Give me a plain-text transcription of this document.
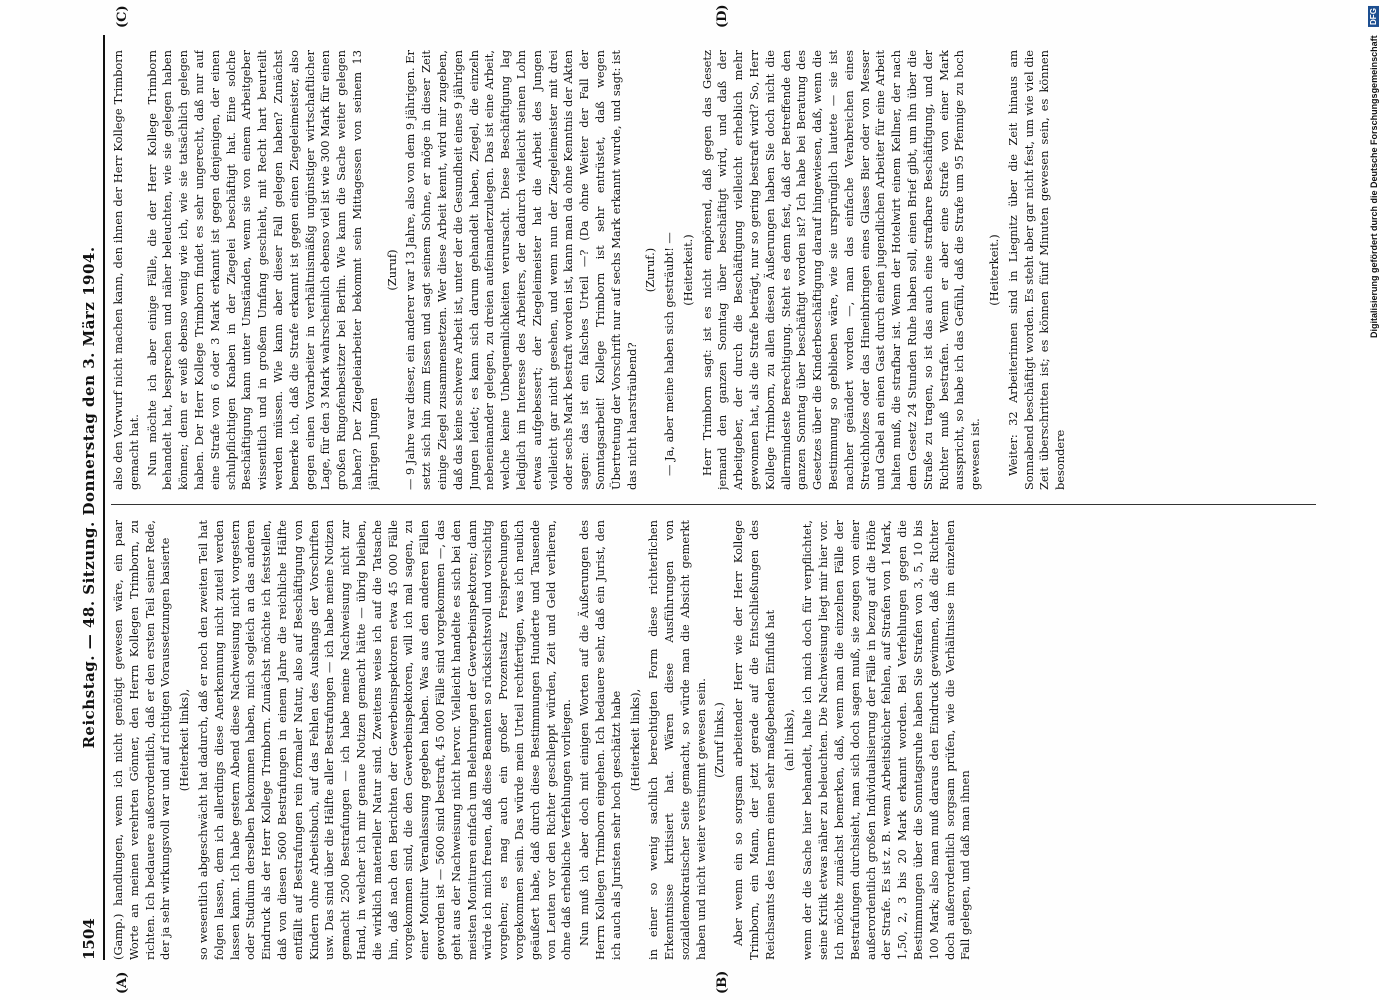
1504
Reichstag. — 48. Sitzung. Donnerstag den 3. März 1904.
(A)	(B)
(C)	(D)

(Gamp.) handlungen, wenn ich nicht genötigt gewesen wäre, ein paar Worte an meinen verehrten Gönner, den Herrn Kollegen Trimborn, zu richten. Ich bedauere außerordentlich, daß er den ersten Teil seiner Rede, der ja sehr wirkungsvoll war und auf richtigen Voraussetzungen basierte (Heiterkeit links), so wesentlich abgeschwächt hat dadurch, daß er noch den zweiten Teil hat folgen lassen, dem ich allerdings diese Anerkennung nicht zuteil werden lassen kann. Ich habe gestern Abend diese Nachweisung nicht vorgestern oder Studium derselben bekommen haben, mich sogleich an das anderen Eindruck als der Herr Kollege Trimborn. Zunächst möchte ich feststellen, daß von diesen 5600 Bestrafungen in einem Jahre die reichliche Hälfte entfällt auf Bestrafungen rein formaler Natur, also auf Beschäftigung von Kindern ohne Arbeitsbuch, auf das Fehlen des Aushangs der Vorschriften usw. Das sind über die Hälfte aller Bestrafungen — ich habe meine Notizen gemacht 2500 Bestrafungen — ich habe meine Nachweisung nicht zur Hand, in welcher ich mir genaue Notizen gemacht hätte — übrig bleiben, die wirklich materieller Natur sind. Zweitens weise ich auf die Tatsache hin, daß nach den Berichten der Gewerbeinspektoren etwa 45 000 Fälle vorgekommen sind, die den Gewerbeinspektoren, will ich mal sagen, zu einer Monitur Veranlassung gegeben haben. Was aus den anderen Fällen geworden ist — 5600 sind bestraft, 45 000 Fälle sind vorgekommen —, das geht aus der Nachweisung nicht hervor. Vielleicht handelte es sich bei den meisten Monituren einfach um Belehrungen der Gewerbeinspektoren; dann würde ich mich freuen, daß diese Beamten so rücksichtsvoll und vorsichtig vorgehen; es mag auch ein großer Prozentsatz Freisprechungen vorgekommen sein. Das würde mein Urteil rechtfertigen, was ich neulich geäußert habe, daß durch diese Bestimmungen Hunderte und Tausende von Leuten vor den Richter geschleppt würden, Zeit und Geld verlieren, ohne daß erhebliche Verfehlungen vorliegen. Nun muß ich aber doch mit einigen Worten auf die Äußerungen des Herrn Kollegen Trimborn eingehen. Ich bedauere sehr, daß ein Jurist, den ich auch als Juristen sehr hoch geschätzt habe (Heiterkeit links), in einer so wenig sachlich berechtigten Form diese richterlichen Erkenntnisse kritisiert hat. Wären diese Ausführungen von sozialdemokratischer Seite gemacht, so würde man die Absicht gemerkt haben und nicht weiter verstimmt gewesen sein. (Zuruf links.) Aber wenn ein so sorgsam arbeitender Herr wie der Herr Kollege Trimborn, ein Mann, der jetzt gerade auf die Entschließungen des Reichsamts des Innern einen sehr maßgebenden Einfluß hat (ah! links), wenn der die Sache hier behandelt, halte ich mich doch für verpflichtet, seine Kritik etwas näher zu beleuchten. Die Nachweisung liegt mir hier vor. Ich möchte zunächst bemerken, daß, wenn man die einzelnen Fälle der Bestrafungen durchsieht, man sich doch sagen muß, sie zeugen von einer außerordentlich großen Individualisierung der Fälle in bezug auf die Höhe der Strafe. Es ist z. B. wenn Arbeitsbücher fehlen, auf Strafen von 1 Mark, 1,50, 2, 3 bis 20 Mark erkannt worden. Bei Verfehlungen gegen die Bestimmungen über die Sonntagsruhe haben Sie Strafen von 3, 5, 10 bis 100 Mark; also man muß daraus den Eindruck gewinnen, daß die Richter doch außerordentlich sorgsam prüfen, wie die Verhältnisse im einzelnen Fall gelegen, und daß man ihnen

also den Vorwurf nicht machen kann, den ihnen der Herr Kollege Trimborn gemacht hat. Nun möchte ich aber einige Fälle, die der Herr Kollege Trimborn behandelt hat, besprechen und näher beleuchten, wie sie gelegen haben können; denn er weiß ebenso wenig wie ich, wie sie tatsächlich gelegen haben. Der Herr Kollege Trimborn findet es sehr ungerecht, daß nur auf eine Strafe von 6 oder 3 Mark erkannt ist gegen denjenigen, der einen schulpflichtigen Knaben in der Ziegelei beschäftigt hat. Eine solche Beschäftigung kann unter Umständen, wenn sie von einem Arbeitgeber wissentlich und in großem Umfang geschieht, mit Recht hart beurteilt werden müssen. Wie kann aber dieser Fall gelegen haben? Zunächst bemerke ich, daß die Strafe erkannt ist gegen einen Ziegeleimeister, also gegen einen Vorarbeiter in verhältnismäßig ungünstiger wirtschaftlicher Lage, für den 3 Mark wahrscheinlich ebenso viel ist wie 300 Mark für einen großen Ringofenbesitzer bei Berlin. Wie kann die Sache weiter gelegen haben? Der Ziegeleiarbeiter bekommt sein Mittagessen von seinem 13 jährigen Jungen

(Zuruf) — 9 Jahre war dieser, ein anderer war 13 Jahre, also von dem 9 jährigen. Er setzt sich hin zum Essen und sagt seinem Sohne, er möge in dieser Zeit einige Ziegel zusammensetzen. Wer diese Arbeit kennt, wird mir zugeben, daß das keine schwere Arbeit ist, unter der die Gesundheit eines 9 jährigen Jungen leidet; es kann sich darum gehandelt haben, Ziegel, die einzeln nebeneinander gelegen, zu dreien aufeinanderzulegen. Das ist eine Arbeit, welche keine Unbequemlichkeiten verursacht. Diese Beschäftigung lag lediglich im Interesse des Arbeiters, der dadurch vielleicht seinen Lohn etwas aufgebessert; der Ziegeleimeister hat die Arbeit des Jungen vielleicht gar nicht gesehen, und wenn nun der Ziegeleimeister mit drei oder sechs Mark bestraft worden ist, kann man da ohne Kenntnis der Akten sagen: das ist ein falsches Urteil —? (Da ohne Weiter der Fall der Sonntagsarbeit! Kollege Trimborn ist sehr entrüstet, daß wegen Übertretung der Vorschrift nur auf sechs Mark erkannt wurde, und sagt: ist das nicht haarsträubend?

(Zuruf.) — Ja, aber meine haben sich gesträubt! — (Heiterkeit.) Herr Trimborn sagt: ist es nicht empörend, daß gegen das Gesetz jemand den ganzen Sonntag über beschäftigt wird, und daß der Arbeitgeber, der durch die Beschäftigung vielleicht erheblich mehr gewonnen hat, als die Strafe beträgt, nur so gering bestraft wird? So, Herr Kollege Trimborn, zu allen diesen Äußerungen haben Sie doch nicht die allermindeste Berechtigung. Steht es denn fest, daß der Betreffende den ganzen Sonntag über beschäftigt worden ist? Ich habe bei Beratung des Gesetzes über die Kinderbeschäftigung darauf hingewiesen, daß, wenn die Bestimmung so geblieben wäre, wie sie ursprünglich lautete — sie ist nachher geändert worden —, man das einfache Verabreichen eines Streichholzes oder das Hineinbringen eines Glases Bier oder von Messer und Gabel an einen Gast durch einen jugendlichen Arbeiter für eine Arbeit halten muß, die strafbar ist. Wenn der Hotelwirt einem Kellner, der nach dem Gesetz 24 Stunden Ruhe haben soll, einen Brief gibt, um ihn über die Straße zu tragen, so ist das auch eine strafbare Beschäftigung, und der Richter muß bestrafen. Wenn er aber eine Strafe von einer Mark ausspricht, so habe ich das Gefühl, daß die Strafe um 95 Pfennige zu hoch gewesen ist.

(Heiterkeit.) Weiter: 32 Arbeiterinnen sind in Liegnitz über die Zeit hinaus am Sonnabend beschäftigt worden. Es steht aber gar nicht fest, um wie viel die Zeit überschritten ist; es können fünf Minuten gewesen sein, es können besondere

Digitalisierung gefördert durch die Deutsche Forschungsgemeinschaft DFG
